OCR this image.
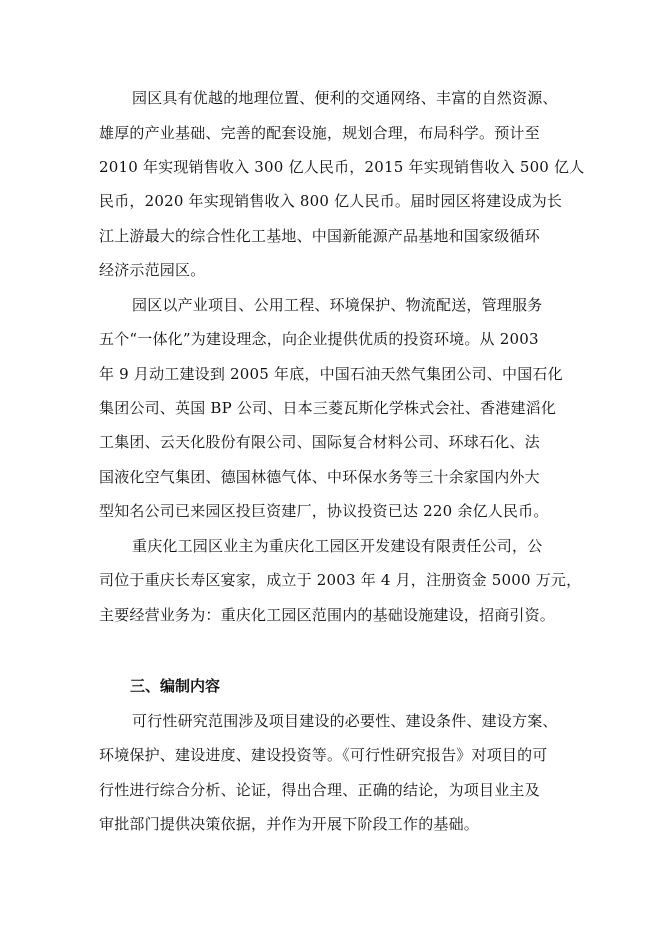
园区具有优越的地理位置、便利的交通网络、丰富的自然资源、
雄厚的产业基础、完善的配套设施，规划合理，布局科学。预计至
2010 年实现销售收入 300 亿人民币，2015 年实现销售收入 500 亿人
民币，2020 年实现销售收入 800 亿人民币。届时园区将建设成为长
江上游最大的综合性化工基地、中国新能源产品基地和国家级循环
经济示范园区。
园区以产业项目、公用工程、环境保护、物流配送，管理服务
五个“一体化”为建设理念，向企业提供优质的投资环境。从 2003
年 9 月动工建设到 2005 年底，中国石油天然气集团公司、中国石化
集团公司、英国 BP 公司、日本三菱瓦斯化学株式会社、香港建滔化
工集团、云天化股份有限公司、国际复合材料公司、环球石化、法
国液化空气集团、德国林德气体、中环保水务等三十余家国内外大
型知名公司已来园区投巨资建厂，协议投资已达 220 余亿人民币。
重庆化工园区业主为重庆化工园区开发建设有限责任公司，公
司位于重庆长寿区宴家，成立于 2003 年 4 月，注册资金 5000 万元，
主要经营业务为：重庆化工园区范围内的基础设施建设，招商引资。
三、编制内容
可行性研究范围涉及项目建设的必要性、建设条件、建设方案、
环境保护、建设进度、建设投资等。《可行性研究报告》对项目的可
行性进行综合分析、论证，得出合理、正确的结论，为项目业主及
审批部门提供决策依据，并作为开展下阶段工作的基础。
